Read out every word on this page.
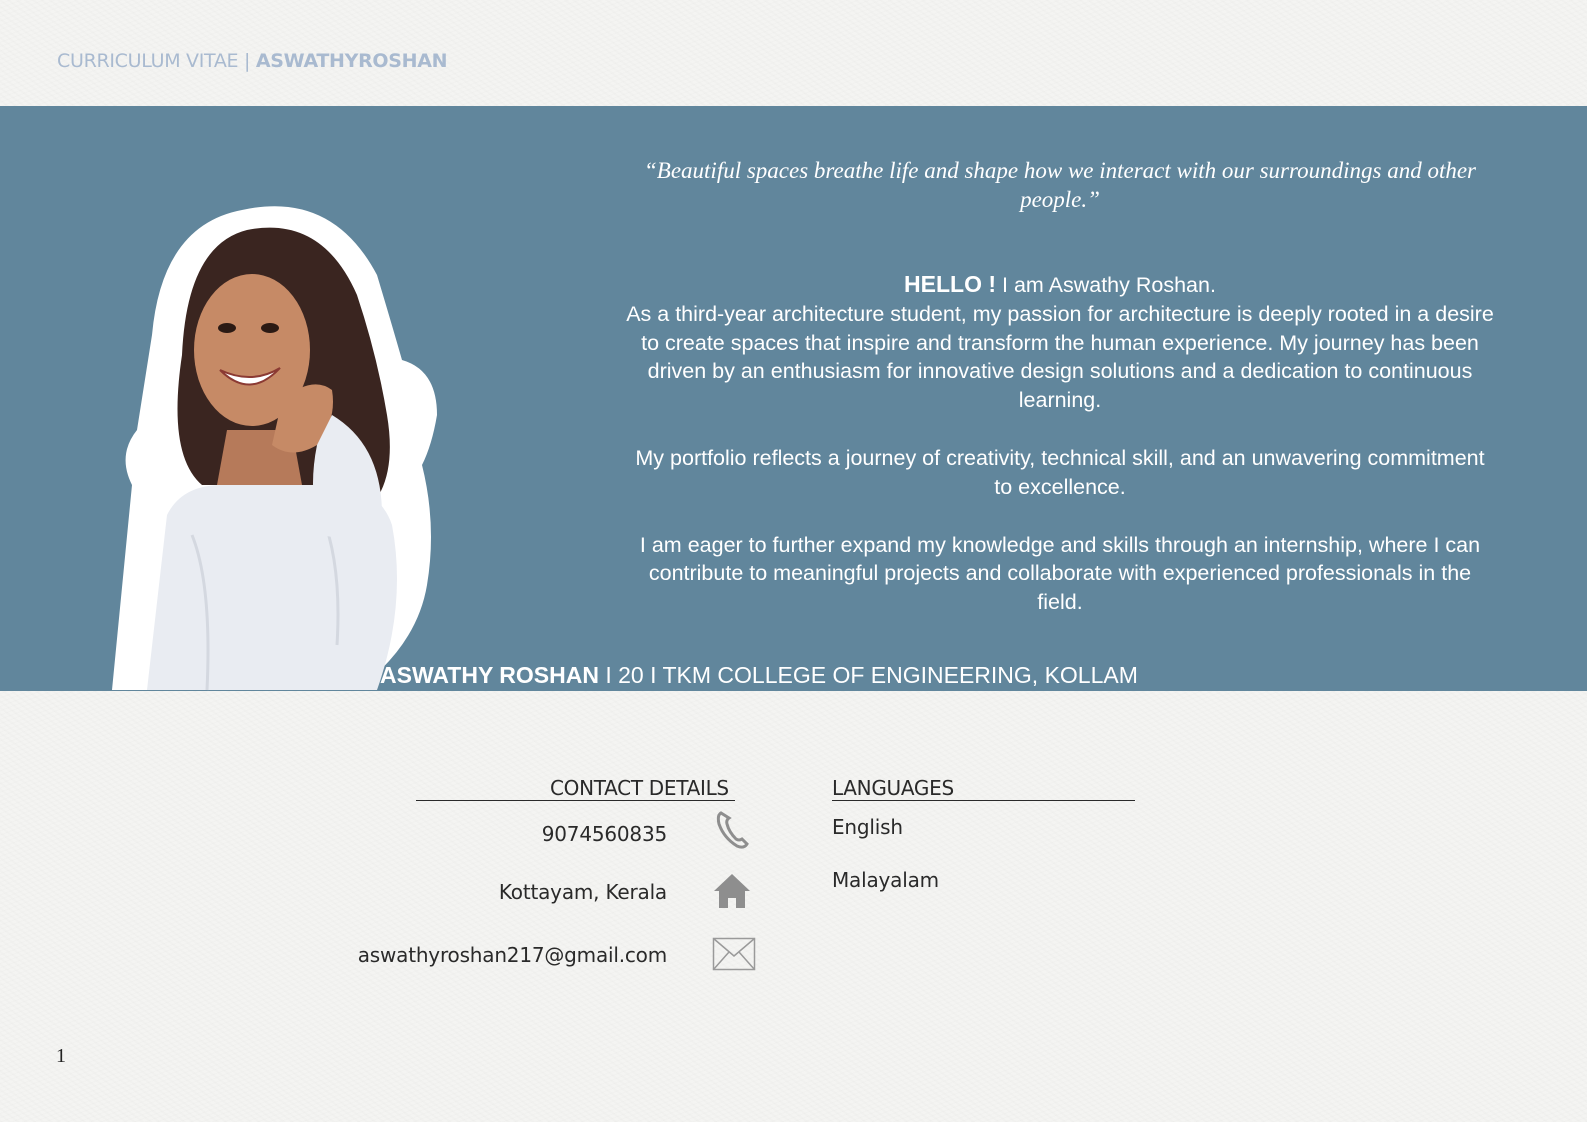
CURRICULUM VITAE | ASWATHYROSHAN
“Beautiful spaces breathe life and shape how we interact with our surroundings and other people.”

HELLO ! I am Aswathy Roshan.
As a third-year architecture student, my passion for architecture is deeply rooted in a desire to create spaces that inspire and transform the human experience. My journey has been driven by an enthusiasm for innovative design solutions and a dedication to continuous learning.

My portfolio reflects a journey of creativity, technical skill, and an unwavering commitment to excellence.

I am eager to further expand my knowledge and skills through an internship, where I can contribute to meaningful projects and collaborate with experienced professionals in the field.

ASWATHY ROSHAN I 20 I TKM COLLEGE OF ENGINEERING, KOLLAM
CONTACT DETAILS
9074560835
Kottayam, Kerala
aswathyroshan217@gmail.com
LANGUAGES
English
Malayalam
1
